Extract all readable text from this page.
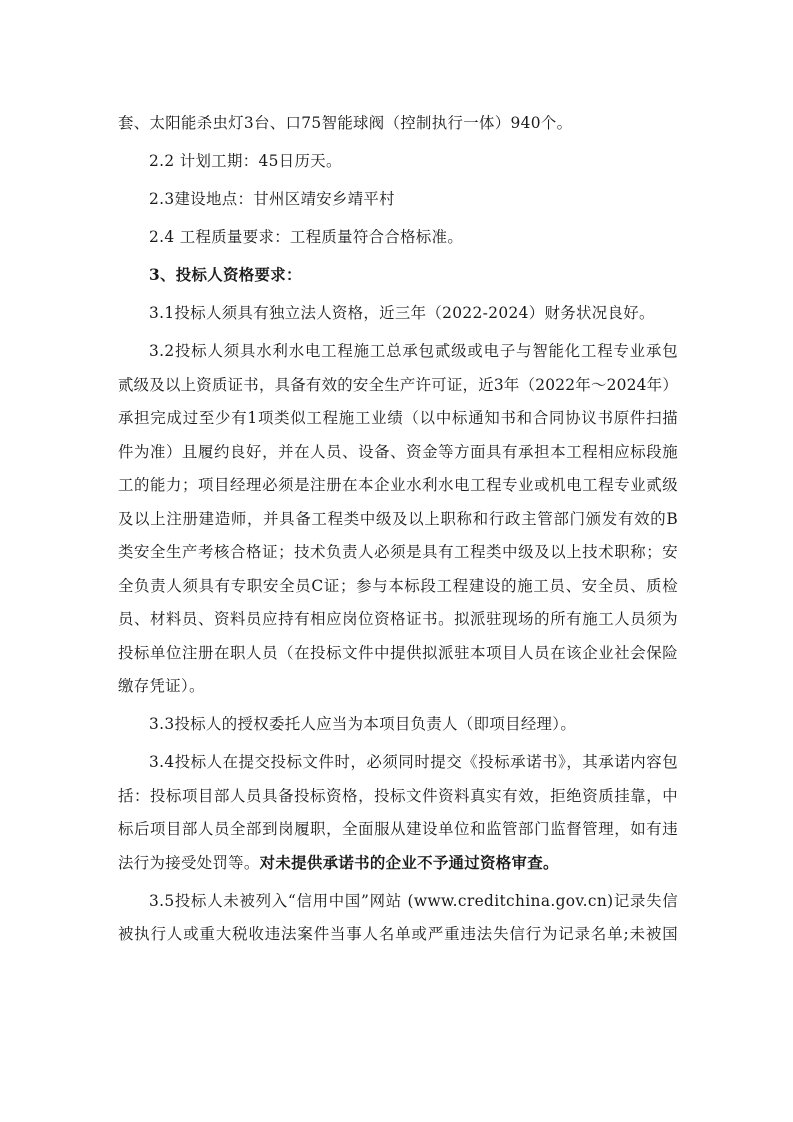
套、太阳能杀虫灯3台、口75智能球阀（控制执行一体）940个。
2.2 计划工期：45日历天。
2.3建设地点：甘州区靖安乡靖平村
2.4 工程质量要求：工程质量符合合格标准。
3、投标人资格要求：
3.1投标人须具有独立法人资格，近三年（2022-2024）财务状况良好。
3.2投标人须具水利水电工程施工总承包贰级或电子与智能化工程专业承包
贰级及以上资质证书，具备有效的安全生产许可证，近3年（2022年～2024年）
承担完成过至少有1项类似工程施工业绩（以中标通知书和合同协议书原件扫描
件为准）且履约良好，并在人员、设备、资金等方面具有承担本工程相应标段施
工的能力；项目经理必须是注册在本企业水利水电工程专业或机电工程专业贰级
及以上注册建造师，并具备工程类中级及以上职称和行政主管部门颁发有效的B
类安全生产考核合格证；技术负责人必须是具有工程类中级及以上技术职称；安
全负责人须具有专职安全员C证；参与本标段工程建设的施工员、安全员、质检
员、材料员、资料员应持有相应岗位资格证书。拟派驻现场的所有施工人员须为
投标单位注册在职人员（在投标文件中提供拟派驻本项目人员在该企业社会保险
缴存凭证）。
3.3投标人的授权委托人应当为本项目负责人（即项目经理）。
3.4投标人在提交投标文件时，必须同时提交《投标承诺书》，其承诺内容包
括：投标项目部人员具备投标资格，投标文件资料真实有效，拒绝资质挂靠，中
标后项目部人员全部到岗履职，全面服从建设单位和监管部门监督管理，如有违
法行为接受处罚等。对未提供承诺书的企业不予通过资格审查。
3.5投标人未被列入“信用中国”网站 (www.creditchina.gov.cn)记录失信
被执行人或重大税收违法案件当事人名单或严重违法失信行为记录名单;未被国
